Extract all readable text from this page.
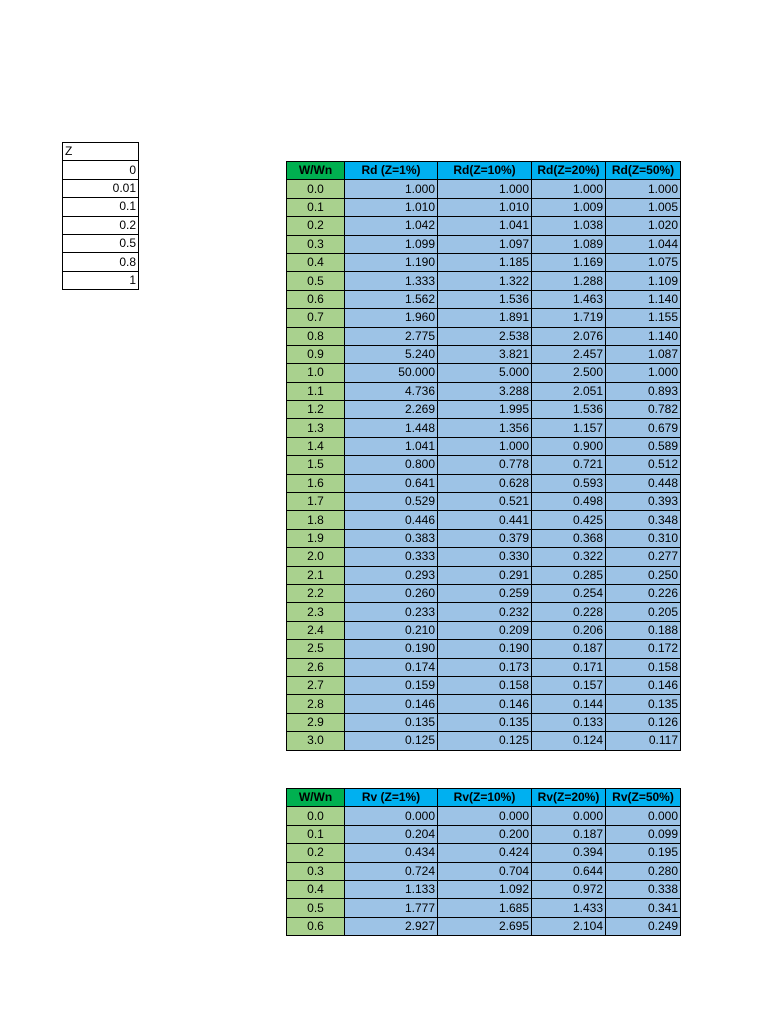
Z
0
0.01
0.1
0.2
0.5
0.8
1
W/Wn	Rd (Z=1%)	Rd(Z=10%)	Rd(Z=20%)	Rd(Z=50%)
0.0	1.000	1.000	1.000	1.000
0.1	1.010	1.010	1.009	1.005
0.2	1.042	1.041	1.038	1.020
0.3	1.099	1.097	1.089	1.044
0.4	1.190	1.185	1.169	1.075
0.5	1.333	1.322	1.288	1.109
0.6	1.562	1.536	1.463	1.140
0.7	1.960	1.891	1.719	1.155
0.8	2.775	2.538	2.076	1.140
0.9	5.240	3.821	2.457	1.087
1.0	50.000	5.000	2.500	1.000
1.1	4.736	3.288	2.051	0.893
1.2	2.269	1.995	1.536	0.782
1.3	1.448	1.356	1.157	0.679
1.4	1.041	1.000	0.900	0.589
1.5	0.800	0.778	0.721	0.512
1.6	0.641	0.628	0.593	0.448
1.7	0.529	0.521	0.498	0.393
1.8	0.446	0.441	0.425	0.348
1.9	0.383	0.379	0.368	0.310
2.0	0.333	0.330	0.322	0.277
2.1	0.293	0.291	0.285	0.250
2.2	0.260	0.259	0.254	0.226
2.3	0.233	0.232	0.228	0.205
2.4	0.210	0.209	0.206	0.188
2.5	0.190	0.190	0.187	0.172
2.6	0.174	0.173	0.171	0.158
2.7	0.159	0.158	0.157	0.146
2.8	0.146	0.146	0.144	0.135
2.9	0.135	0.135	0.133	0.126
3.0	0.125	0.125	0.124	0.117
W/Wn	Rv (Z=1%)	Rv(Z=10%)	Rv(Z=20%)	Rv(Z=50%)
0.0	0.000	0.000	0.000	0.000
0.1	0.204	0.200	0.187	0.099
0.2	0.434	0.424	0.394	0.195
0.3	0.724	0.704	0.644	0.280
0.4	1.133	1.092	0.972	0.338
0.5	1.777	1.685	1.433	0.341
0.6	2.927	2.695	2.104	0.249
